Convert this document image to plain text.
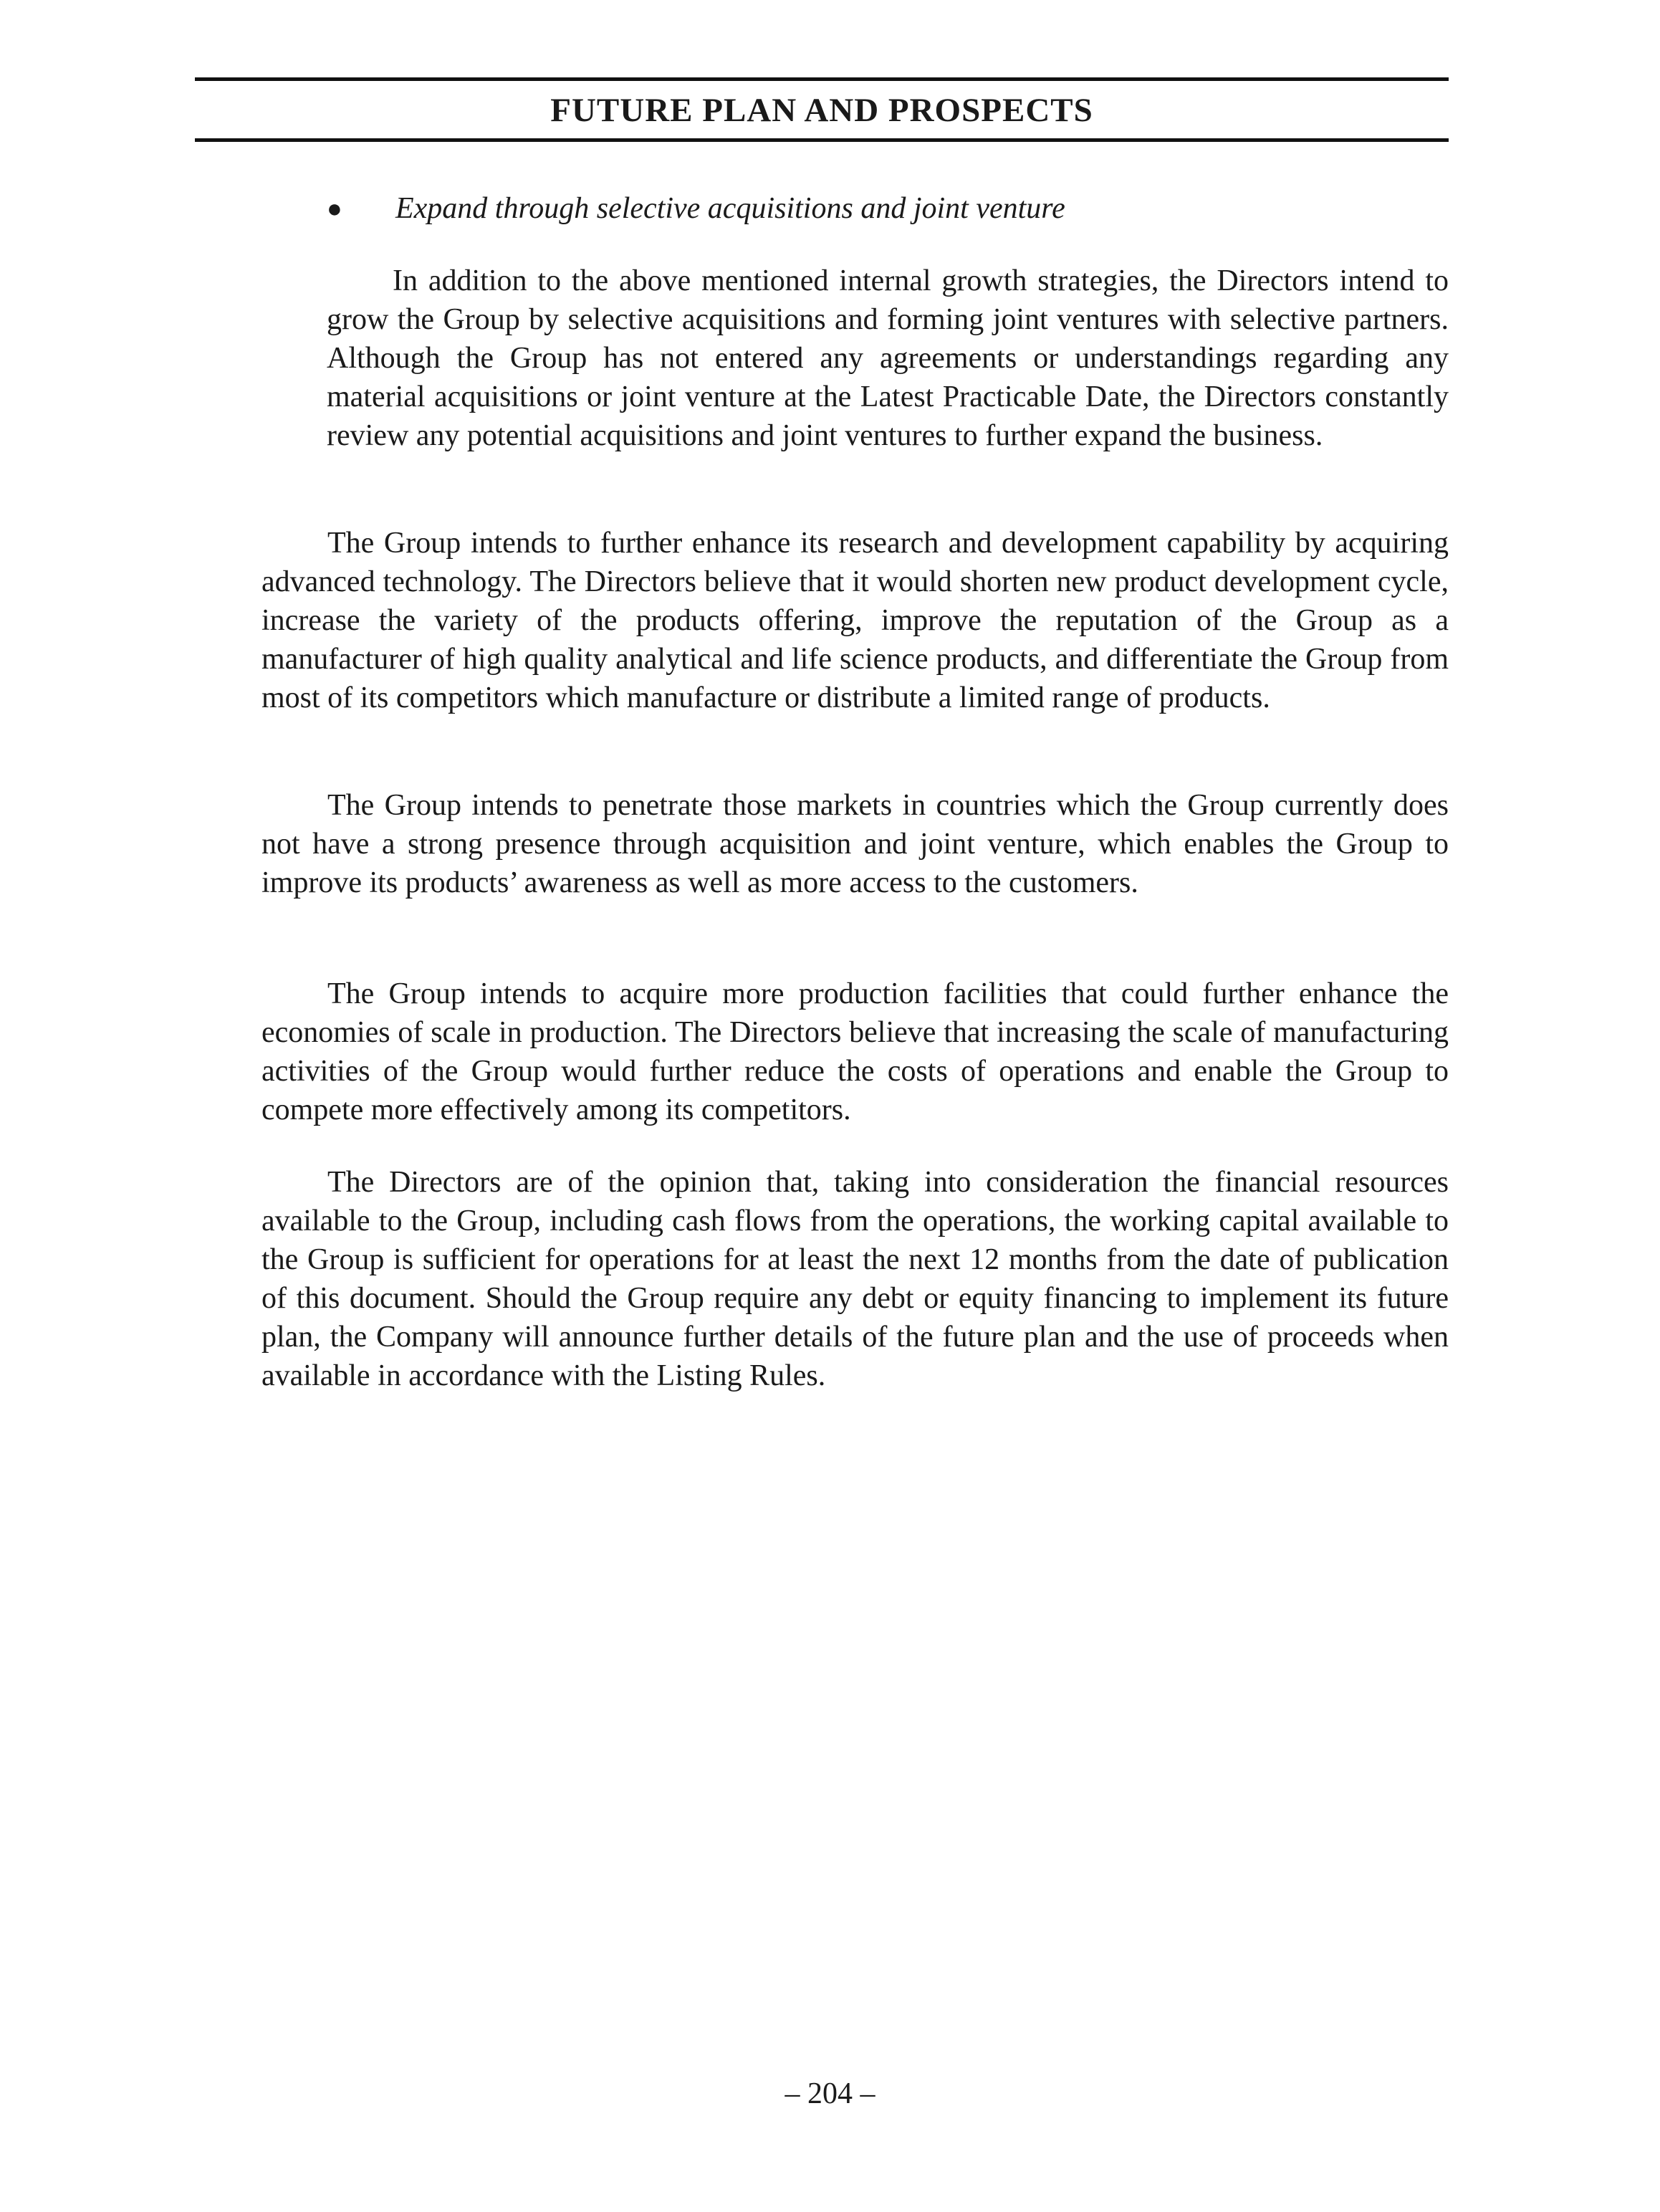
FUTURE PLAN AND PROSPECTS
● Expand through selective acquisitions and joint venture

In addition to the above mentioned internal growth strategies, the Directors intend to grow the Group by selective acquisitions and forming joint ventures with selective partners. Although the Group has not entered any agreements or understandings regarding any material acquisitions or joint venture at the Latest Practicable Date, the Directors constantly review any potential acquisitions and joint ventures to further expand the business.

The Group intends to further enhance its research and development capability by acquiring advanced technology. The Directors believe that it would shorten new product development cycle, increase the variety of the products offering, improve the reputation of the Group as a manufacturer of high quality analytical and life science products, and differentiate the Group from most of its competitors which manufacture or distribute a limited range of products.

The Group intends to penetrate those markets in countries which the Group currently does not have a strong presence through acquisition and joint venture, which enables the Group to improve its products’ awareness as well as more access to the customers.

The Group intends to acquire more production facilities that could further enhance the economies of scale in production. The Directors believe that increasing the scale of manufacturing activities of the Group would further reduce the costs of operations and enable the Group to compete more effectively among its competitors.

The Directors are of the opinion that, taking into consideration the financial resources available to the Group, including cash flows from the operations, the working capital available to the Group is sufficient for operations for at least the next 12 months from the date of publication of this document. Should the Group require any debt or equity financing to implement its future plan, the Company will announce further details of the future plan and the use of proceeds when available in accordance with the Listing Rules.

– 204 –
